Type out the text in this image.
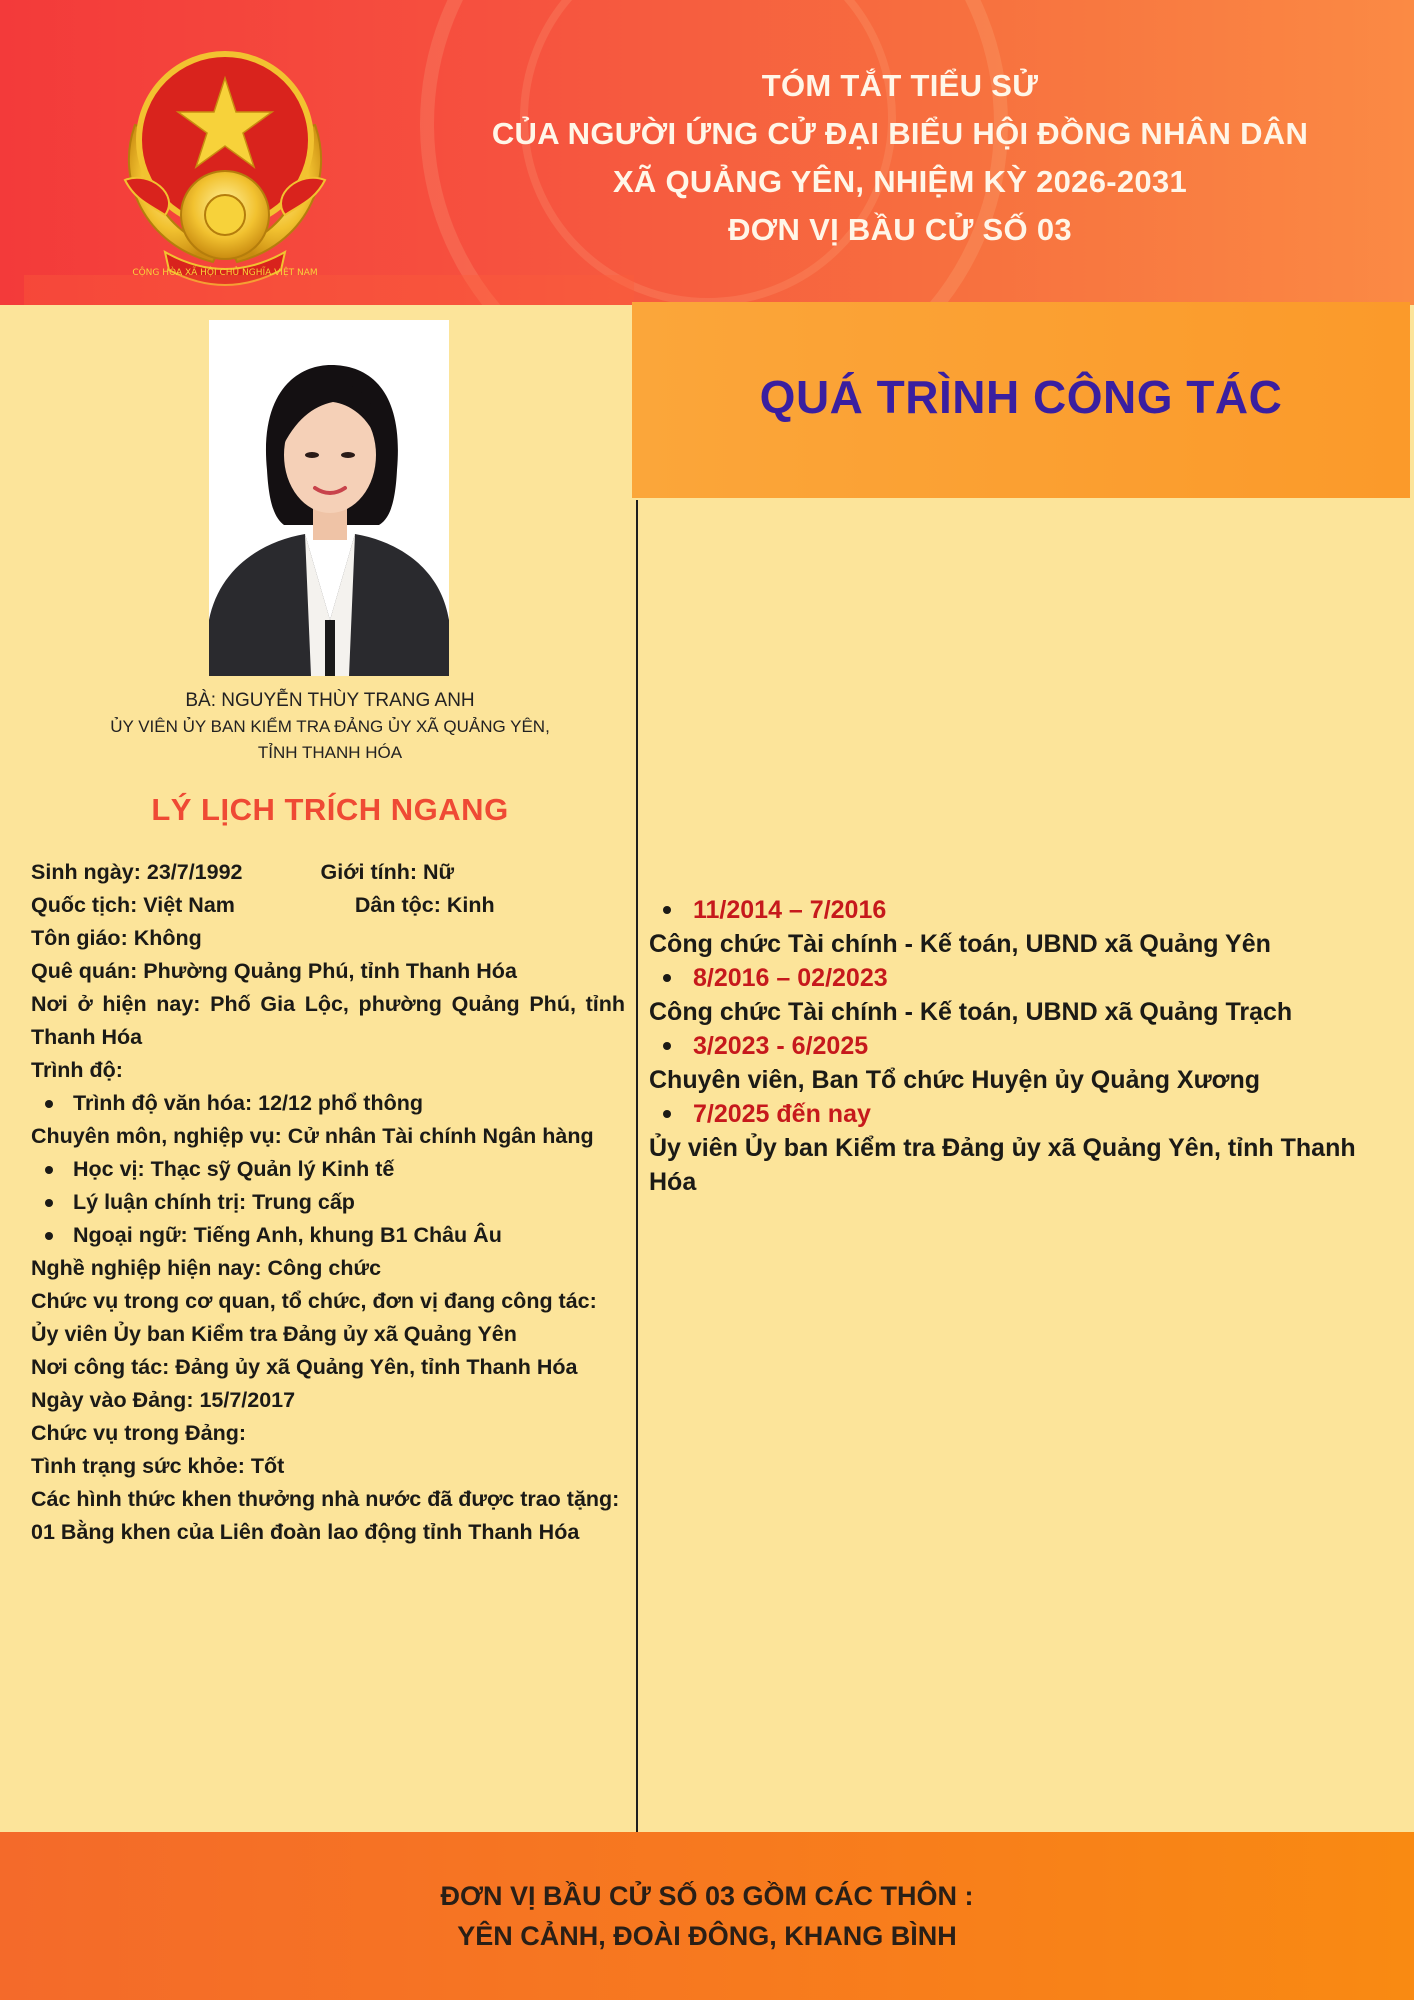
CỘNG HÒA XÃ HỘI CHỦ NGHĨA VIỆT NAM
TÓM TẮT TIỂU SỬ
CỦA NGƯỜI ỨNG CỬ ĐẠI BIỂU HỘI ĐỒNG NHÂN DÂN
XÃ QUẢNG YÊN, NHIỆM KỲ 2026-2031
ĐƠN VỊ BẦU CỬ SỐ 03
BÀ: NGUYỄN THÙY TRANG ANH
ỦY VIÊN ỦY BAN KIỂM TRA ĐẢNG ỦY XÃ QUẢNG YÊN,
TỈNH THANH HÓA
LÝ LỊCH TRÍCH NGANG
Sinh ngày: 23/7/1992	Giới tính: Nữ
Quốc tịch: Việt Nam	Dân tộc: Kinh
Tôn giáo: Không
Quê quán: Phường Quảng Phú, tỉnh Thanh Hóa
Nơi ở hiện nay: Phố Gia Lộc, phường Quảng Phú, tỉnh Thanh Hóa
Trình độ:
Trình độ văn hóa: 12/12 phổ thông
Chuyên môn, nghiệp vụ: Cử nhân Tài chính Ngân hàng
Học vị: Thạc sỹ Quản lý Kinh tế
Lý luận chính trị: Trung cấp
Ngoại ngữ: Tiếng Anh, khung B1 Châu Âu
Nghề nghiệp hiện nay: Công chức
Chức vụ trong cơ quan, tổ chức, đơn vị đang công tác:
Ủy viên Ủy ban Kiểm tra Đảng ủy xã Quảng Yên
Nơi công tác: Đảng ủy xã Quảng Yên, tỉnh Thanh Hóa
Ngày vào Đảng: 15/7/2017
Chức vụ trong Đảng:
Tình trạng sức khỏe: Tốt
Các hình thức khen thưởng nhà nước đã được trao tặng:
01 Bằng khen của Liên đoàn lao động tỉnh Thanh Hóa
QUÁ TRÌNH CÔNG TÁC
11/2014 – 7/2016
Công chức Tài chính - Kế toán, UBND xã Quảng Yên
8/2016 – 02/2023
Công chức Tài chính - Kế toán, UBND xã Quảng Trạch
3/2023 - 6/2025
Chuyên viên, Ban Tổ chức Huyện ủy Quảng Xương
7/2025 đến nay
Ủy viên Ủy ban Kiểm tra Đảng ủy xã Quảng Yên, tỉnh Thanh Hóa
ĐƠN VỊ BẦU CỬ SỐ 03 GỒM CÁC THÔN :
YÊN CẢNH, ĐOÀI ĐÔNG, KHANG BÌNH
